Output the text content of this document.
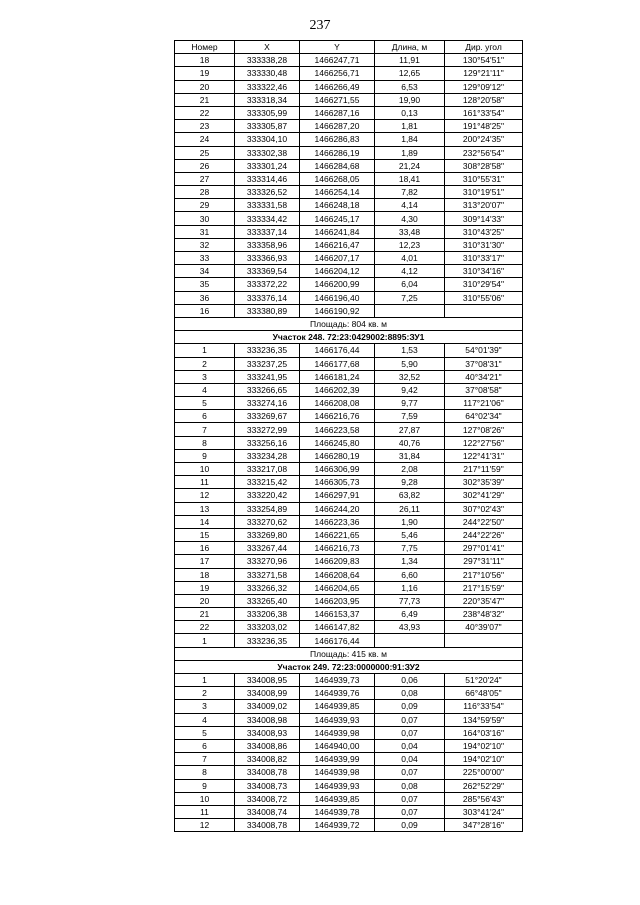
237
Номер	X	Y	Длина, м	Дир. угол
18	333338,28	1466247,71	11,91	130°54'51"
19	333330,48	1466256,71	12,65	129°21'11"
20	333322,46	1466266,49	6,53	129°09'12"
21	333318,34	1466271,55	19,90	128°20'58"
22	333305,99	1466287,16	0,13	161°33'54"
23	333305,87	1466287,20	1,81	191°48'25"
24	333304,10	1466286,83	1,84	200°24'35"
25	333302,38	1466286,19	1,89	232°56'54"
26	333301,24	1466284,68	21,24	308°28'58"
27	333314,46	1466268,05	18,41	310°55'31"
28	333326,52	1466254,14	7,82	310°19'51"
29	333331,58	1466248,18	4,14	313°20'07"
30	333334,42	1466245,17	4,30	309°14'33"
31	333337,14	1466241,84	33,48	310°43'25"
32	333358,96	1466216,47	12,23	310°31'30"
33	333366,93	1466207,17	4,01	310°33'17"
34	333369,54	1466204,12	4,12	310°34'16"
35	333372,22	1466200,99	6,04	310°29'54"
36	333376,14	1466196,40	7,25	310°55'06"
16	333380,89	1466190,92		
Площадь: 804 кв. м				
Участок 248. 72:23:0429002:8895:ЗУ1				
1	333236,35	1466176,44	1,53	54°01'39"
2	333237,25	1466177,68	5,90	37°08'31"
3	333241,95	1466181,24	32,52	40°34'21"
4	333266,65	1466202,39	9,42	37°08'58"
5	333274,16	1466208,08	9,77	117°21'06"
6	333269,67	1466216,76	7,59	64°02'34"
7	333272,99	1466223,58	27,87	127°08'26"
8	333256,16	1466245,80	40,76	122°27'56"
9	333234,28	1466280,19	31,84	122°41'31"
10	333217,08	1466306,99	2,08	217°11'59"
11	333215,42	1466305,73	9,28	302°35'39"
12	333220,42	1466297,91	63,82	302°41'29"
13	333254,89	1466244,20	26,11	307°02'43"
14	333270,62	1466223,36	1,90	244°22'50"
15	333269,80	1466221,65	5,46	244°22'26"
16	333267,44	1466216,73	7,75	297°01'41"
17	333270,96	1466209,83	1,34	297°31'11"
18	333271,58	1466208,64	6,60	217°10'56"
19	333266,32	1466204,65	1,16	217°15'59"
20	333265,40	1466203,95	77,73	220°35'47"
21	333206,38	1466153,37	6,49	238°48'32"
22	333203,02	1466147,82	43,93	40°39'07"
1	333236,35	1466176,44		
Площадь: 415 кв. м				
Участок 249. 72:23:0000000:91:ЗУ2				
1	334008,95	1464939,73	0,06	51°20'24"
2	334008,99	1464939,76	0,08	66°48'05"
3	334009,02	1464939,85	0,09	116°33'54"
4	334008,98	1464939,93	0,07	134°59'59"
5	334008,93	1464939,98	0,07	164°03'16"
6	334008,86	1464940,00	0,04	194°02'10"
7	334008,82	1464939,99	0,04	194°02'10"
8	334008,78	1464939,98	0,07	225°00'00"
9	334008,73	1464939,93	0,08	262°52'29"
10	334008,72	1464939,85	0,07	285°56'43"
11	334008,74	1464939,78	0,07	303°41'24"
12	334008,78	1464939,72	0,09	347°28'16"
